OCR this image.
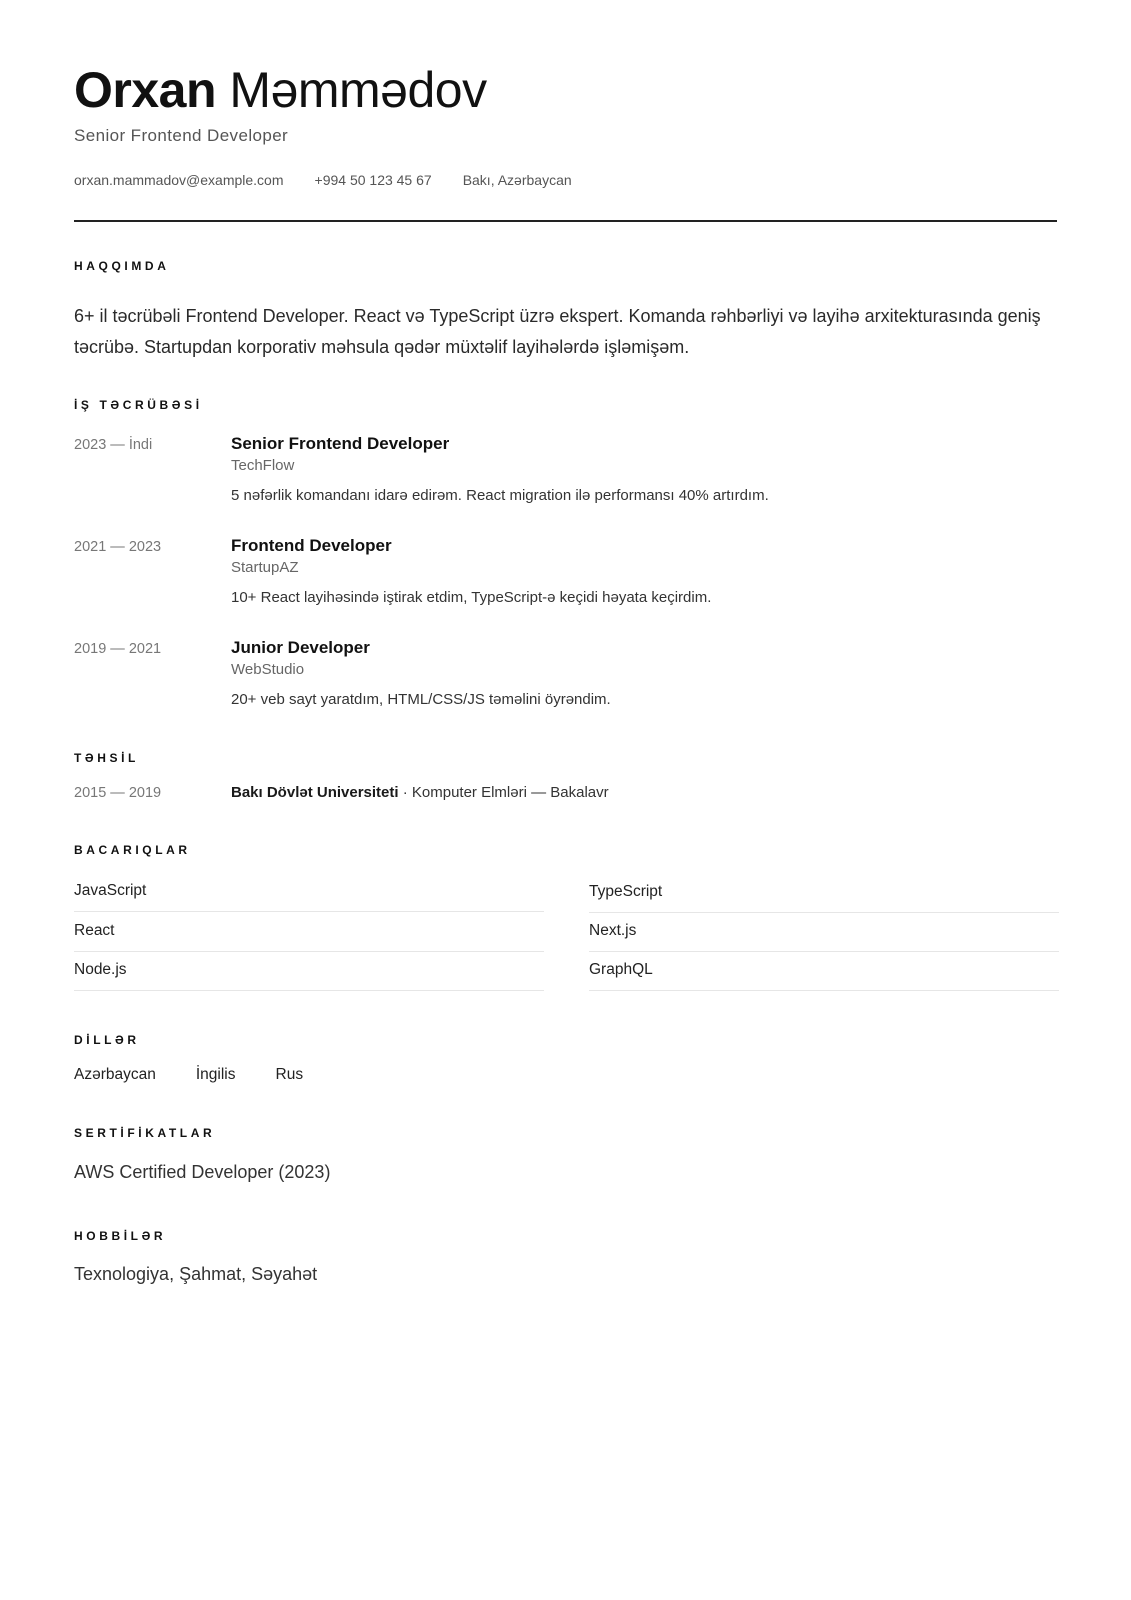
Orxan Məmmədov
Senior Frontend Developer
orxan.mammadov@example.com +994 50 123 45 67 Bakı, Azərbaycan
HAQQIMDA
6+ il təcrübəli Frontend Developer. React və TypeScript üzrə ekspert. Komanda rəhbərliyi və layihə arxitekturasında geniş təcrübə. Startupdan korporativ məhsula qədər müxtəlif layihələrdə işləmişəm.
İŞ TƏCRÜBƏSİ
2023 — İndi	Senior Frontend Developer
TechFlow
5 nəfərlik komandanı idarə edirəm. React migration ilə performansı 40% artırdım.
2021 — 2023	Frontend Developer
StartupAZ
10+ React layihəsində iştirak etdim, TypeScript-ə keçidi həyata keçirdim.
2019 — 2021	Junior Developer
WebStudio
20+ veb sayt yaratdım, HTML/CSS/JS təməlini öyrəndim.
TƏHSİL
2015 — 2019	Bakı Dövlət Universiteti · Komputer Elmləri — Bakalavr
BACARIQLAR
JavaScript	TypeScript
React	Next.js
Node.js	GraphQL
DİLLƏR
Azərbaycan	İngilis	Rus
SERTİFİKATLAR
AWS Certified Developer (2023)
HOBBİLƏR
Texnologiya, Şahmat, Səyahət
